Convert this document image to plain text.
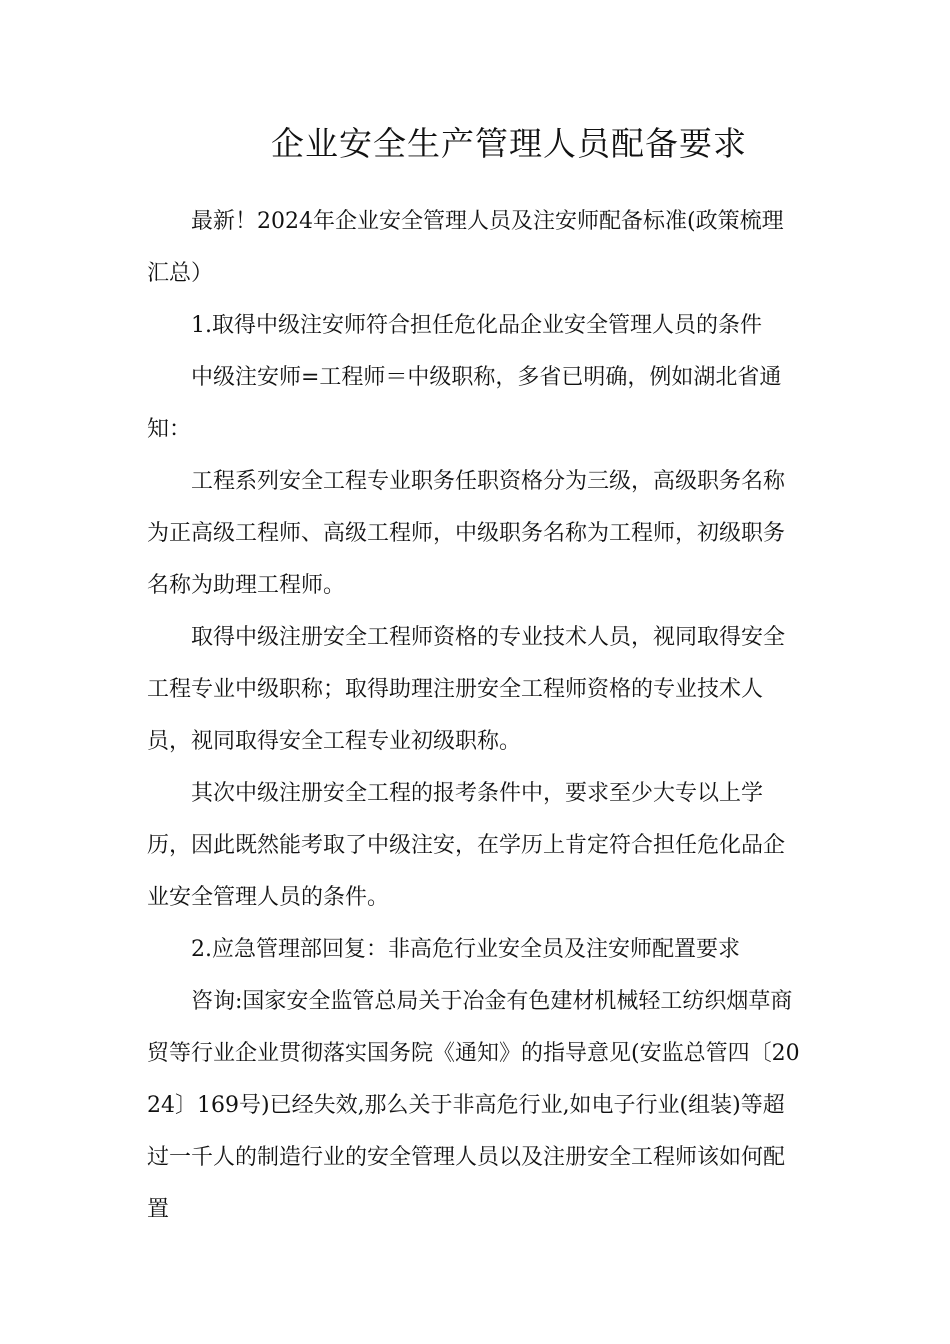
企业安全生产管理人员配备要求

最新！2024年企业安全管理人员及注安师配备标准(政策梳理汇总）

1.取得中级注安师符合担任危化品企业安全管理人员的条件

中级注安师=工程师＝中级职称，多省已明确，例如湖北省通知：

工程系列安全工程专业职务任职资格分为三级，高级职务名称为正高级工程师、高级工程师，中级职务名称为工程师，初级职务名称为助理工程师。

取得中级注册安全工程师资格的专业技术人员，视同取得安全工程专业中级职称；取得助理注册安全工程师资格的专业技术人员，视同取得安全工程专业初级职称。

其次中级注册安全工程的报考条件中，要求至少大专以上学历，因此既然能考取了中级注安，在学历上肯定符合担任危化品企业安全管理人员的条件。

2.应急管理部回复：非高危行业安全员及注安师配置要求

咨询:国家安全监管总局关于冶金有色建材机械轻工纺织烟草商贸等行业企业贯彻落实国务院《通知》的指导意见(安监总管四〔2024〕169号)已经失效,那么关于非高危行业,如电子行业(组装)等超过一千人的制造行业的安全管理人员以及注册安全工程师该如何配置
